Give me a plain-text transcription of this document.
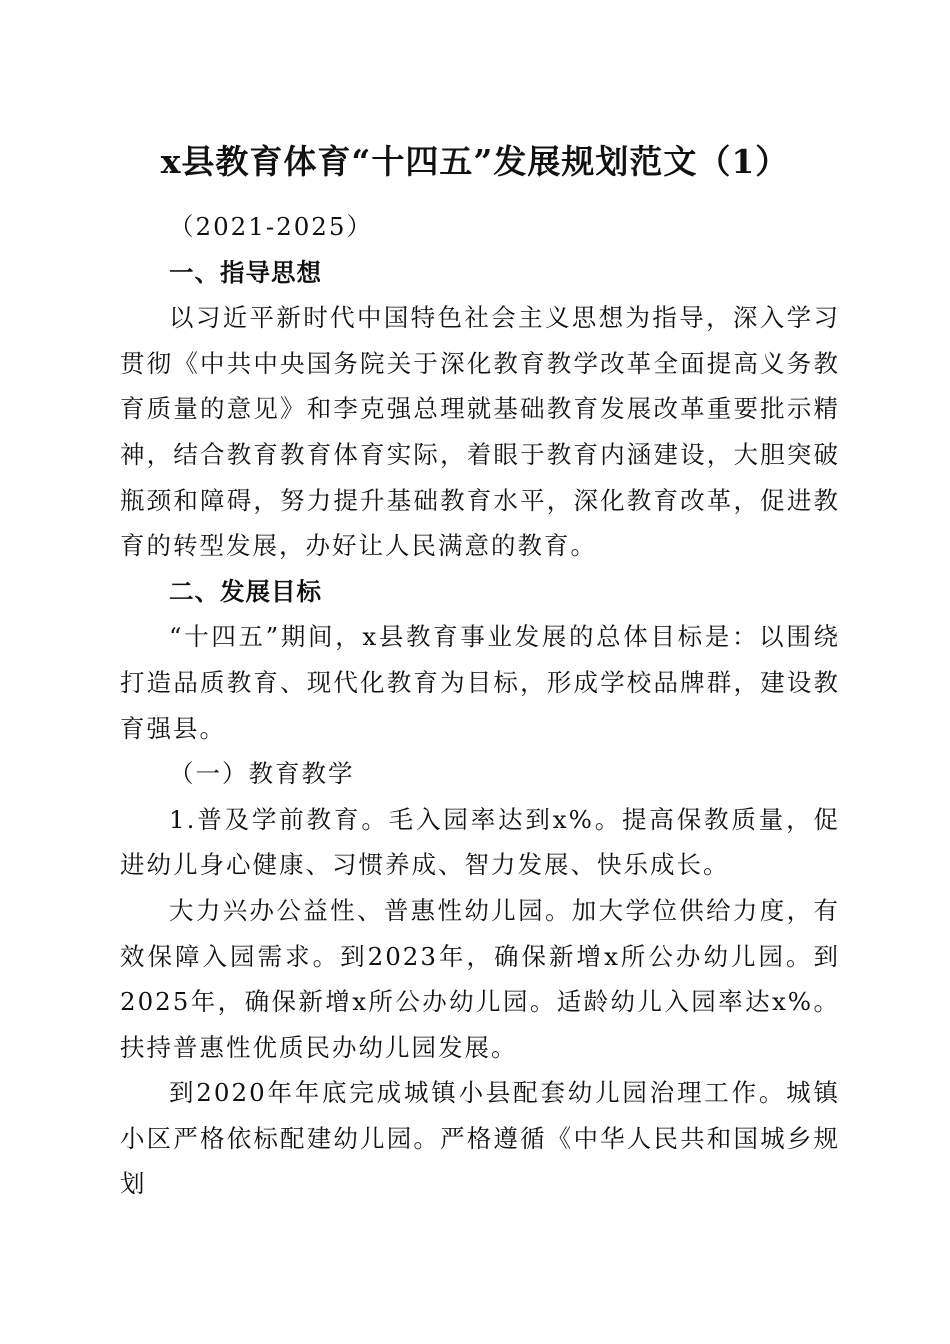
x县教育体育“十四五”发展规划范文（1）

（2021-2025）

一、指导思想

以习近平新时代中国特色社会主义思想为指导，深入学习贯彻《中共中央国务院关于深化教育教学改革全面提高义务教育质量的意见》和李克强总理就基础教育发展改革重要批示精神，结合教育教育体育实际，着眼于教育内涵建设，大胆突破瓶颈和障碍，努力提升基础教育水平，深化教育改革，促进教育的转型发展，办好让人民满意的教育。

二、发展目标

“十四五”期间，x县教育事业发展的总体目标是：以围绕打造品质教育、现代化教育为目标，形成学校品牌群，建设教育强县。

（一）教育教学

1.普及学前教育。毛入园率达到x%。提高保教质量，促进幼儿身心健康、习惯养成、智力发展、快乐成长。

大力兴办公益性、普惠性幼儿园。加大学位供给力度，有效保障入园需求。到2023年，确保新增x所公办幼儿园。到2025年，确保新增x所公办幼儿园。适龄幼儿入园率达x%。扶持普惠性优质民办幼儿园发展。

到2020年年底完成城镇小县配套幼儿园治理工作。城镇小区严格依标配建幼儿园。严格遵循《中华人民共和国城乡规划
